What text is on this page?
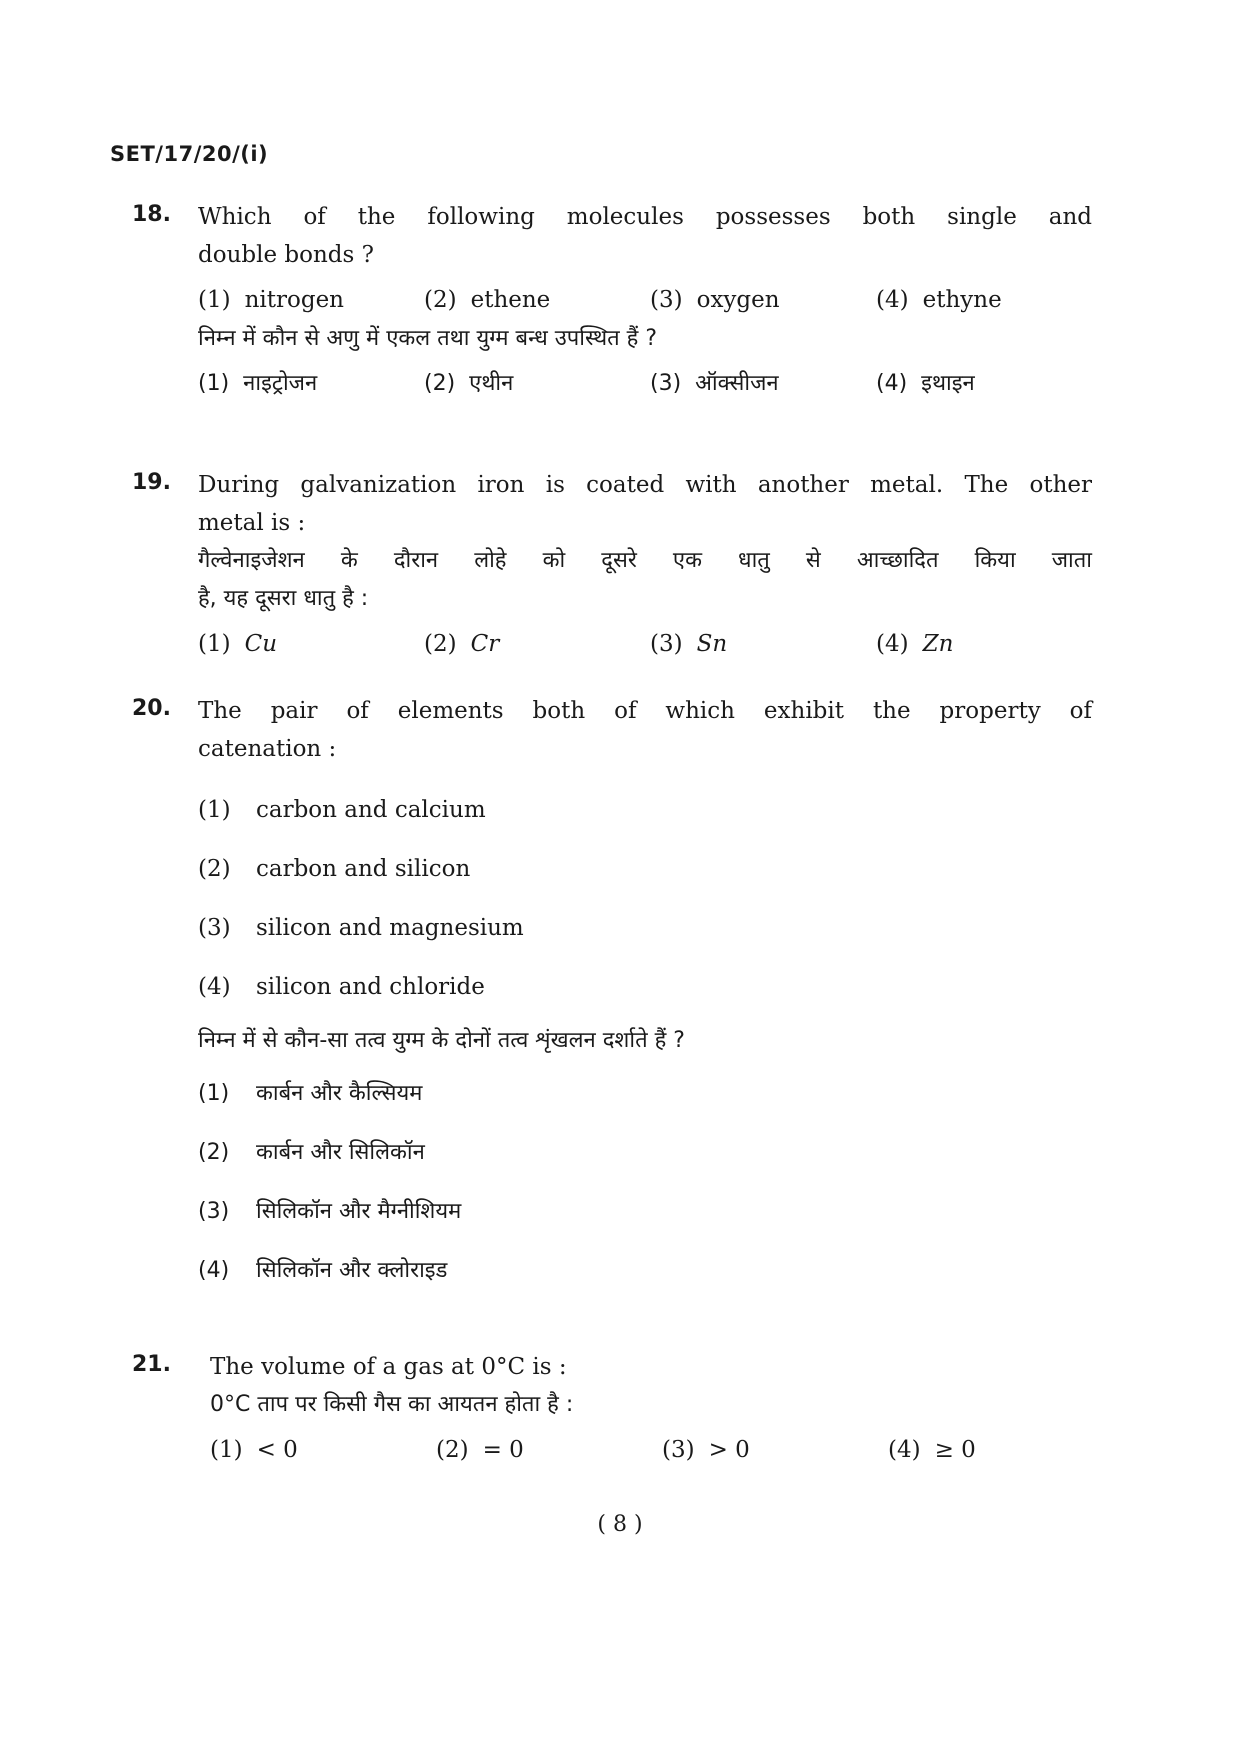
SET/17/20/(i)
18. Which of the following molecules possesses both single and
double bonds ?
(1) nitrogen	(2) ethene	(3) oxygen	(4) ethyne
निम्न में कौन से अणु में एकल तथा युग्म बन्ध उपस्थित हैं ?
(1) नाइट्रोजन	(2) एथीन	(3) ऑक्सीजन	(4) इथाइन
19. During galvanization iron is coated with another metal. The other
metal is :
गैल्वेनाइजेशन के दौरान लोहे को दूसरे एक धातु से आच्छादित किया जाता
है, यह दूसरा धातु है :
(1) Cu	(2) Cr	(3) Sn	(4) Zn
20. The pair of elements both of which exhibit the property of
catenation :
(1)	carbon and calcium
(2)	carbon and silicon
(3)	silicon and magnesium
(4)	silicon and chloride
निम्न में से कौन-सा तत्व युग्म के दोनों तत्व शृंखलन दर्शाते हैं ?
(1)	कार्बन और कैल्सियम
(2)	कार्बन और सिलिकॉन
(3)	सिलिकॉन और मैग्नीशियम
(4)	सिलिकॉन और क्लोराइड
21. The volume of a gas at 0°C is :
0°C ताप पर किसी गैस का आयतन होता है :
(1) < 0	(2) = 0	(3) > 0	(4) ≥ 0
( 8 )
